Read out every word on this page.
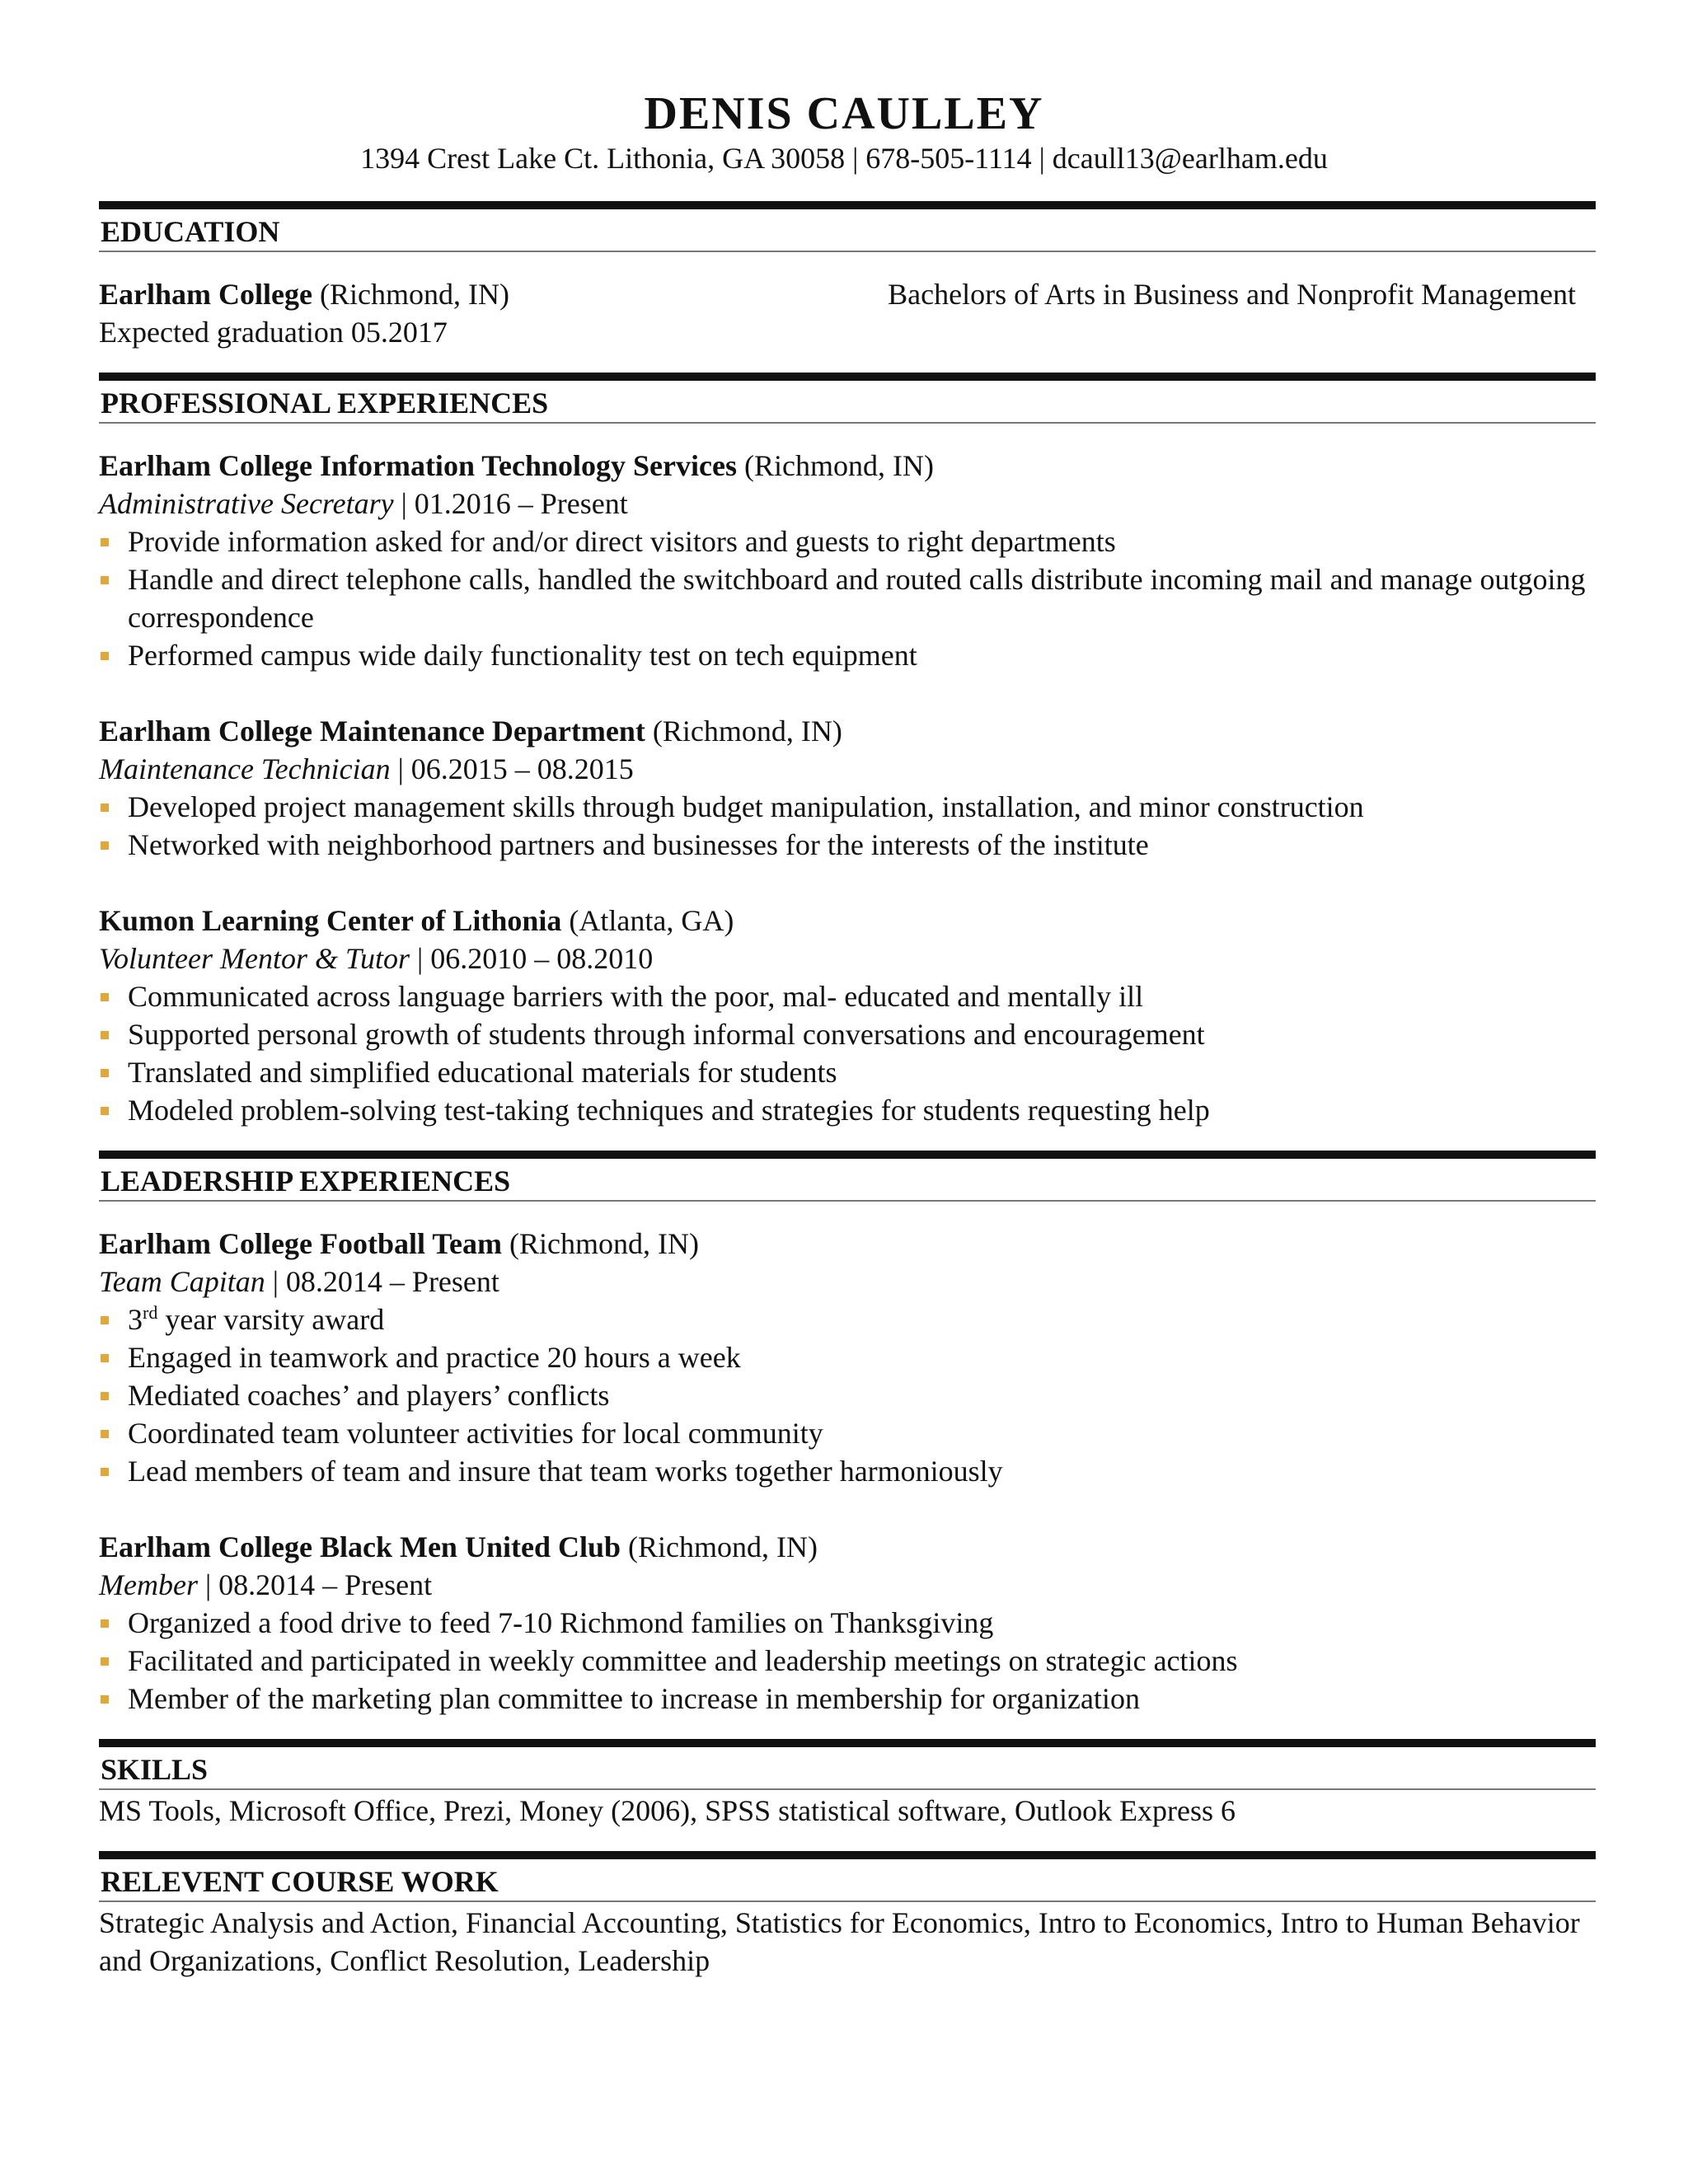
DENIS CAULLEY
1394 Crest Lake Ct. Lithonia, GA 30058 | 678-505-1114 | dcaull13@earlham.edu
EDUCATION
Earlham College (Richmond, IN)	Bachelors of Arts in Business and Nonprofit Management
Expected graduation 05.2017
PROFESSIONAL EXPERIENCES
Earlham College Information Technology Services (Richmond, IN)
Administrative Secretary | 01.2016 – Present
Provide information asked for and/or direct visitors and guests to right departments
Handle and direct telephone calls, handled the switchboard and routed calls distribute incoming mail and manage outgoing correspondence
Performed campus wide daily functionality test on tech equipment
Earlham College Maintenance Department (Richmond, IN)
Maintenance Technician | 06.2015 – 08.2015
Developed project management skills through budget manipulation, installation, and minor construction
Networked with neighborhood partners and businesses for the interests of the institute
Kumon Learning Center of Lithonia (Atlanta, GA)
Volunteer Mentor & Tutor | 06.2010 – 08.2010
Communicated across language barriers with the poor, mal- educated and mentally ill
Supported personal growth of students through informal conversations and encouragement
Translated and simplified educational materials for students
Modeled problem-solving test-taking techniques and strategies for students requesting help
LEADERSHIP EXPERIENCES
Earlham College Football Team (Richmond, IN)
Team Capitan | 08.2014 – Present
3rd year varsity award
Engaged in teamwork and practice 20 hours a week
Mediated coaches’ and players’ conflicts
Coordinated team volunteer activities for local community
Lead members of team and insure that team works together harmoniously
Earlham College Black Men United Club (Richmond, IN)
Member | 08.2014 – Present
Organized a food drive to feed 7-10 Richmond families on Thanksgiving
Facilitated and participated in weekly committee and leadership meetings on strategic actions
Member of the marketing plan committee to increase in membership for organization
SKILLS
MS Tools, Microsoft Office, Prezi, Money (2006), SPSS statistical software, Outlook Express 6
RELEVENT COURSE WORK
Strategic Analysis and Action, Financial Accounting, Statistics for Economics, Intro to Economics, Intro to Human Behavior and Organizations, Conflict Resolution, Leadership
